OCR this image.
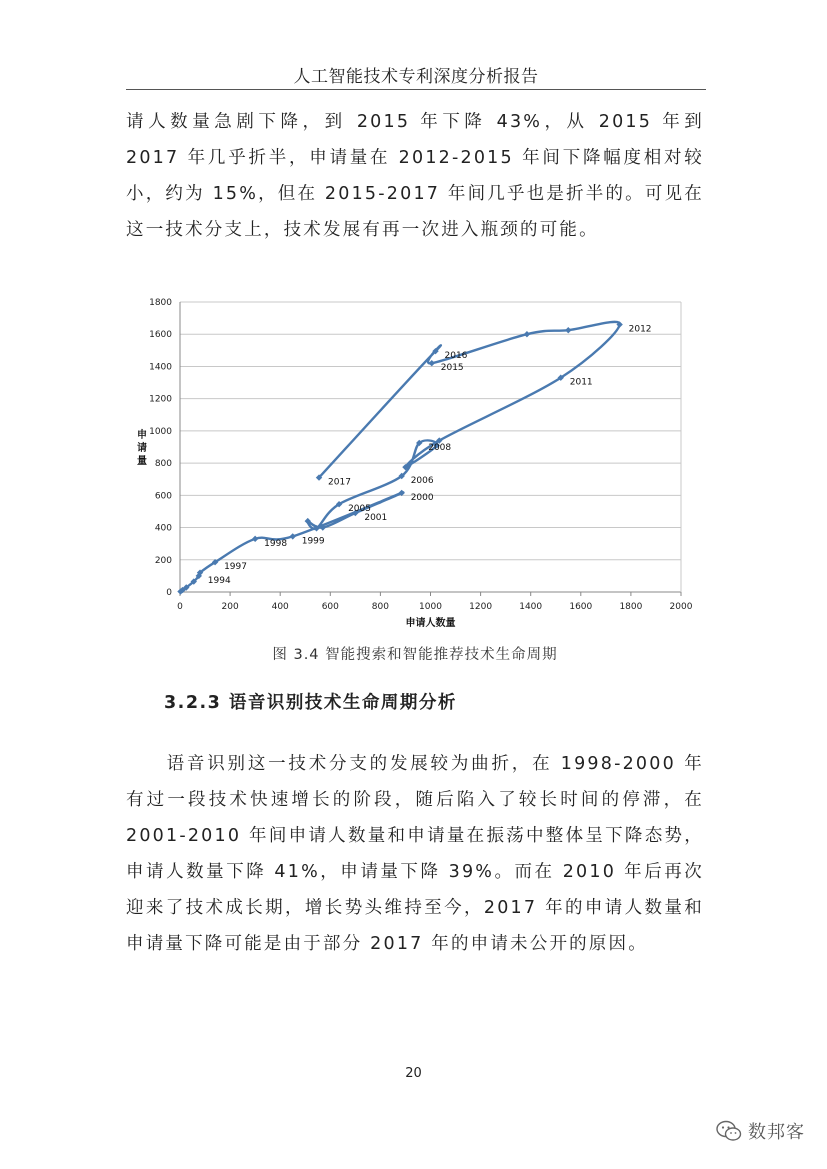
人工智能技术专利深度分析报告

请人数量急剧下降，到 2015 年下降 43%，从 2015 年到 2017 年几乎折半，申请量在 2012-2015 年间下降幅度相对较小，约为 15%，但在 2015-2017 年间几乎也是折半的。可见在这一技术分支上，技术发展有再一次进入瓶颈的可能。

0
200
400
600
800
1000
1200
1400
1600
1800
0	200	400	600	800	1000	1200	1400	1600	1800	2000
1994
1997
1998 1999
2000
2001
2005
2006
2008
2011
2012
2015
2016
2017
申请人数量
申
请
量
图 3.4 智能搜索和智能推荐技术生命周期
3.2.3 语音识别技术生命周期分析

语音识别这一技术分支的发展较为曲折，在 1998-2000 年有过一段技术快速增长的阶段，随后陷入了较长时间的停滞，在 2001-2010 年间申请人数量和申请量在振荡中整体呈下降态势，申请人数量下降 41%，申请量下降 39%。而在 2010 年后再次迎来了技术成长期，增长势头维持至今，2017 年的申请人数量和申请量下降可能是由于部分 2017 年的申请未公开的原因。

20
数邦客
